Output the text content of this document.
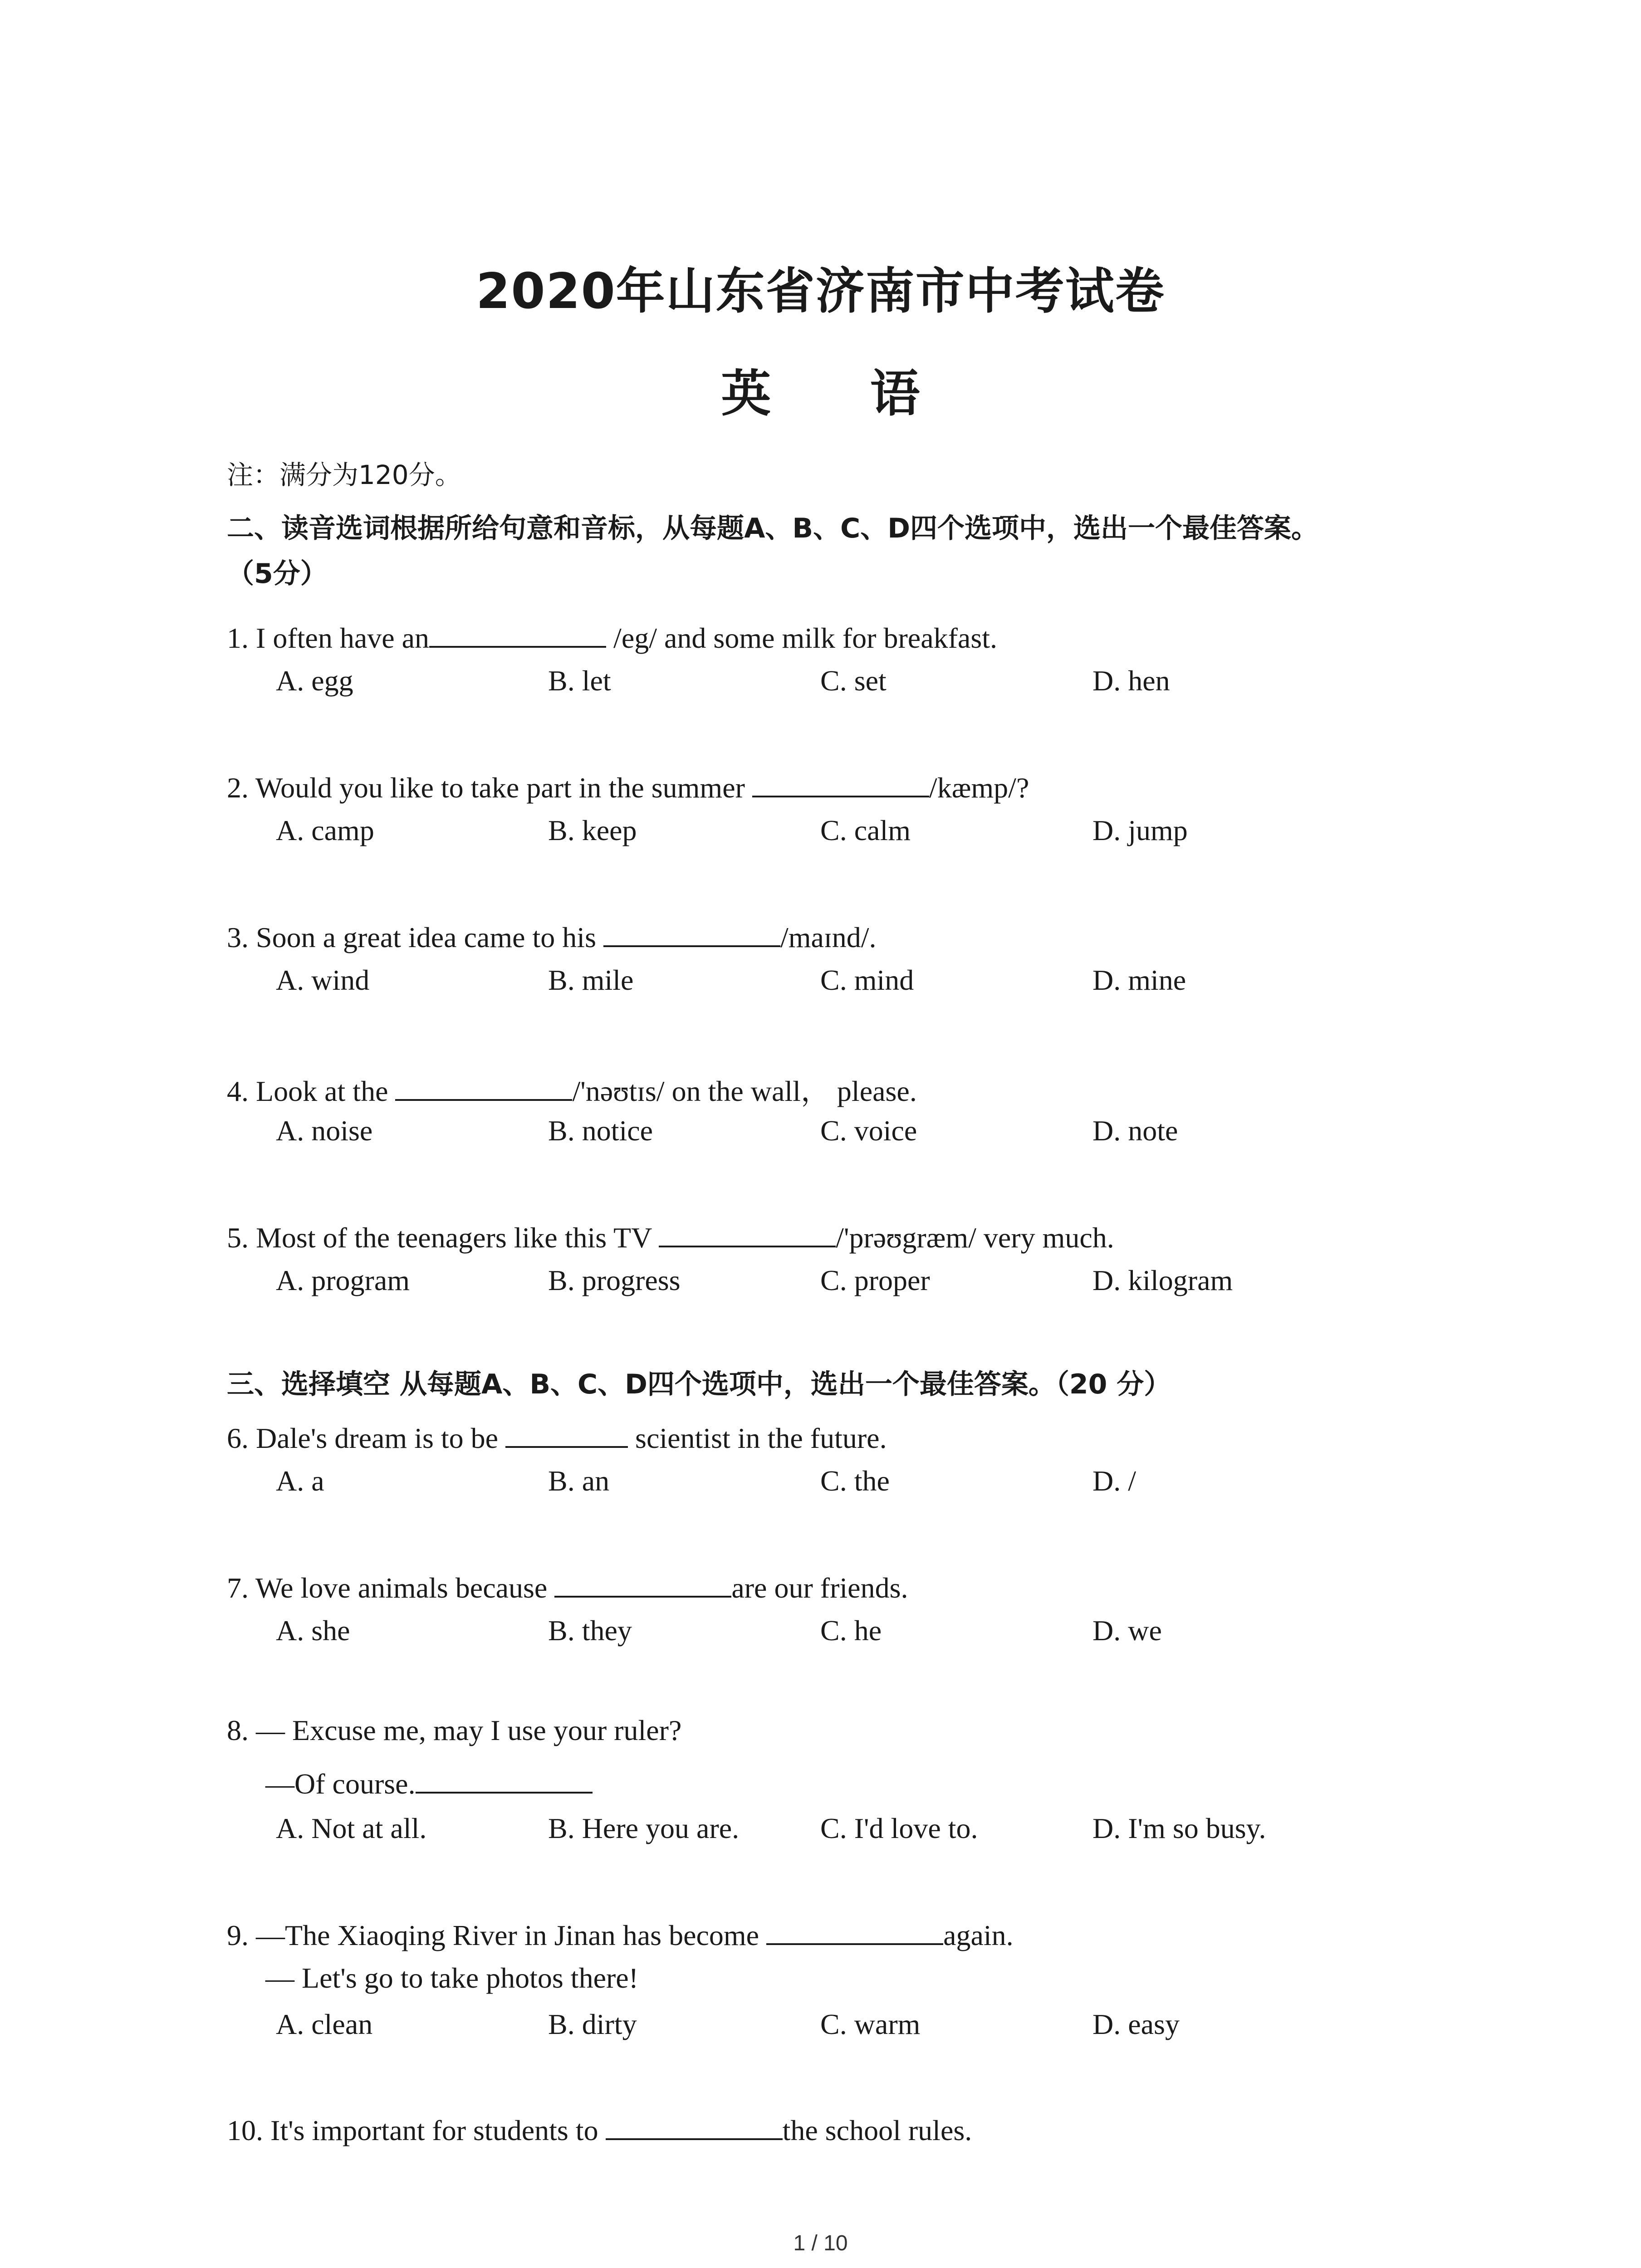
2020年山东省济南市中考试卷
英 语
注：满分为120分。
二、读音选词根据所给句意和音标，从每题A、B、C、D四个选项中，选出一个最佳答案。
（5分）
1. I often have an	/eg/ and some milk for breakfast.
A. egg	B. let	C. set	D. hen
2. Would you like to take part in the summer	/kæmp/?
A. camp	B. keep	C. calm	D. jump
3. Soon a great idea came to his	/maɪnd/.
A. wind	B. mile	C. mind	D. mine
4. Look at the	/'nəʊtɪs/ on the wall， please.
A. noise	B. notice	C. voice	D. note
5. Most of the teenagers like this TV	/'prəʊgræm/ very much.
A. program	B. progress	C. proper	D. kilogram
三、选择填空 从每题A、B、C、D四个选项中，选出一个最佳答案。（20 分）
6. Dale's dream is to be	scientist in the future.
A. a	B. an	C. the	D. /
7. We love animals because	are our friends.
A. she	B. they	C. he	D. we
8. — Excuse me, may I use your ruler?
—Of course.
A. Not at all.	B. Here you are.	C. I'd love to.	D. I'm so busy.
9. —The Xiaoqing River in Jinan has become	again.
— Let's go to take photos there!
A. clean	B. dirty	C. warm	D. easy
10. It's important for students to	the school rules.
1 / 10
